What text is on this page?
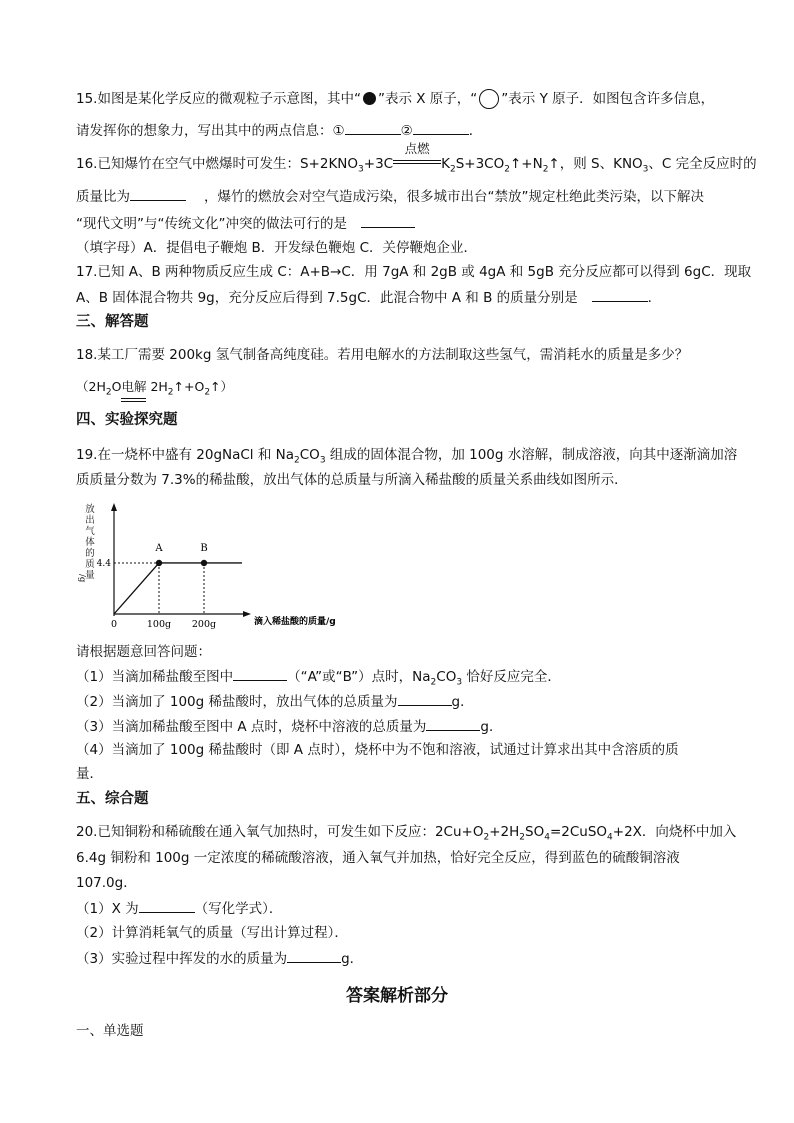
15.如图是某化学反应的微观粒子示意图，其中“ ”表示 X 原子，“ ”表示 Y 原子．如图包含许多信息，
请发挥你的想象力，写出其中的两点信息：①	②	．
16.已知爆竹在空气中燃爆时可发生：$S+2KNO_3+3C$
点燃
$K_2S+3CO_2↑+N_2↑$，则 S、$KNO_3$、C 完全反应时的
质量比为	，爆竹的燃放会对空气造成污染，很多城市出台“禁放”规定杜绝此类污染，以下解决
“现代文明”与“传统文化”冲突的做法可行的是
（填字母）A．提倡电子鞭炮 B．开发绿色鞭炮 C．关停鞭炮企业．
17.已知 A、B 两种物质反应生成 C：A+B→C．用 7gA 和 2gB 或 4gA 和 5gB 充分反应都可以得到 6gC．现取
A、B 固体混合物共 9g，充分反应后得到 7.5gC．此混合物中 A 和 B 的质量分别是	．
三、解答题
18.某工厂需要 200kg 氢气制备高纯度硅。若用电解水的方法制取这些氢气，需消耗水的质量是多少？
（$2H_2O$电解 $2H_2↑+O_2↑$）
四、实验探究题
19.在一烧杯中盛有 20gNaCl 和 $Na_2CO_3$ 组成的固体混合物，加 100g 水溶解，制成溶液，向其中逐渐滴加溶
质质量分数为 7.3%的稀盐酸，放出气体的总质量与所滴入稀盐酸的质量关系曲线如图所示．
放
出
气
体
的
质
量
/g
A	B
100g 200g
4.4
0	滴入稀盐酸的质量/g
请根据题意回答问题：
（1）当滴加稀盐酸至图中	（“A”或“B”）点时，$Na_2CO_3$ 恰好反应完全．
（2）当滴加了 100g 稀盐酸时，放出气体的总质量为	g．
（3）当滴加稀盐酸至图中 A 点时，烧杯中溶液的总质量为	g．
（4）当滴加了 100g 稀盐酸时（即 A 点时），烧杯中为不饱和溶液，试通过计算求出其中含溶质的质
量．
五、综合题
20.已知铜粉和稀硫酸在通入氧气加热时，可发生如下反应：$2Cu+O_2+2H_2SO_4=2CuSO_4+2X$．向烧杯中加入
6.4g 铜粉和 100g 一定浓度的稀硫酸溶液，通入氧气并加热，恰好完全反应，得到蓝色的硫酸铜溶液
107.0g．
（1）X 为	（写化学式）．
（2）计算消耗氧气的质量（写出计算过程）．
（3）实验过程中挥发的水的质量为	g．
答案解析部分
一、单选题
